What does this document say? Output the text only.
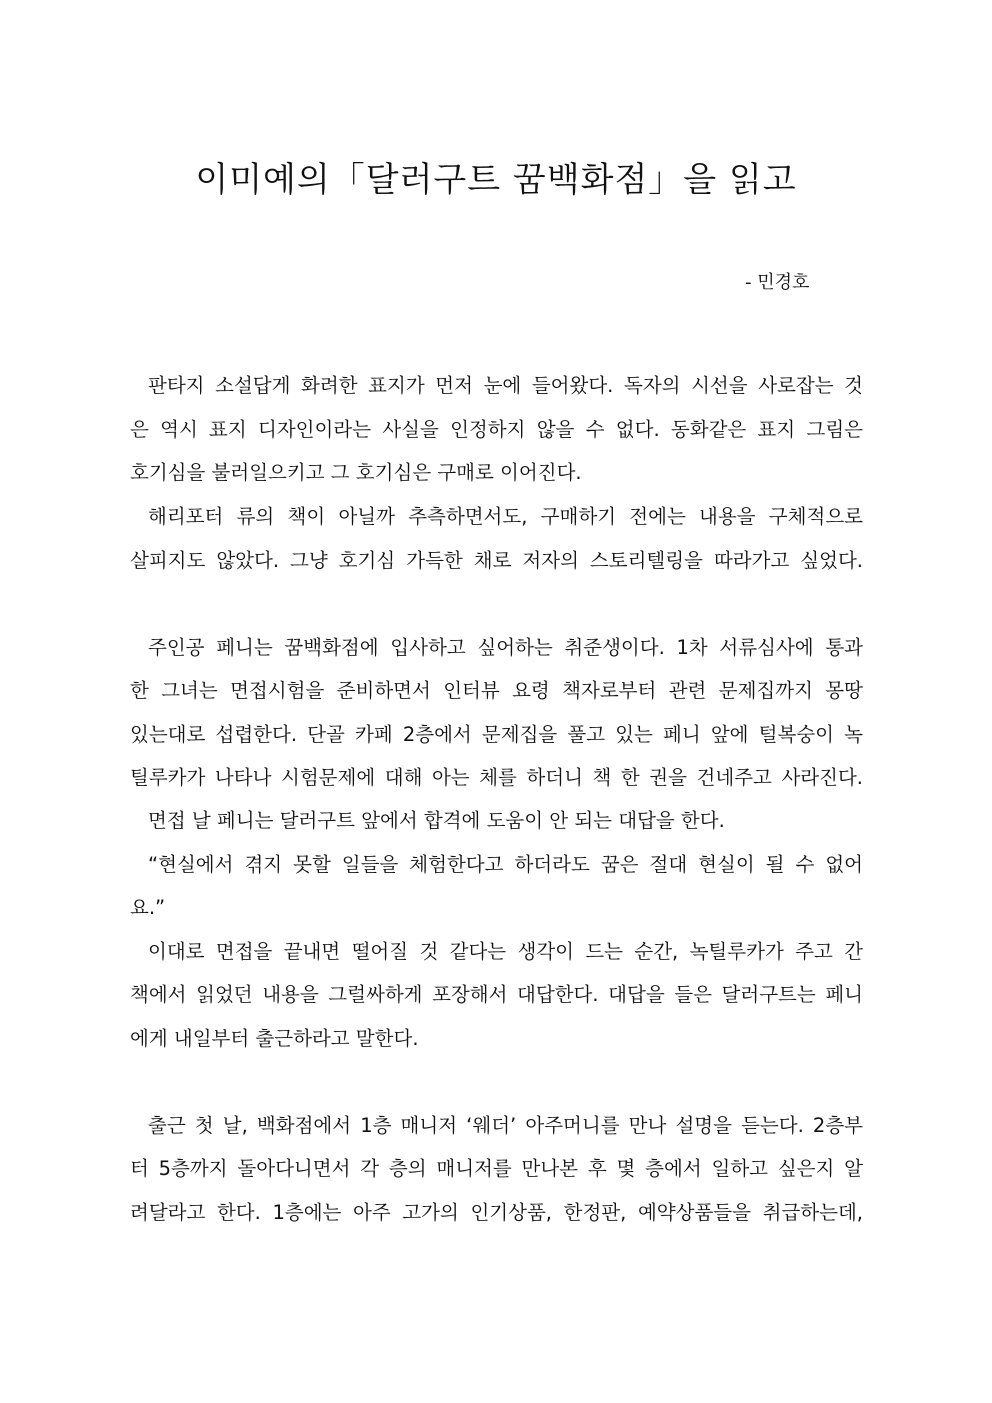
이미예의「달러구트 꿈백화점」을 읽고
- 민경호
판타지 소설답게 화려한 표지가 먼저 눈에 들어왔다. 독자의 시선을 사로잡는 것
은 역시 표지 디자인이라는 사실을 인정하지 않을 수 없다. 동화같은 표지 그림은
호기심을 불러일으키고 그 호기심은 구매로 이어진다.
해리포터 류의 책이 아닐까 추측하면서도, 구매하기 전에는 내용을 구체적으로
살피지도 않았다. 그냥 호기심 가득한 채로 저자의 스토리텔링을 따라가고 싶었다.
주인공 페니는 꿈백화점에 입사하고 싶어하는 취준생이다. 1차 서류심사에 통과
한 그녀는 면접시험을 준비하면서 인터뷰 요령 책자로부터 관련 문제집까지 몽땅
있는대로 섭렵한다. 단골 카페 2층에서 문제집을 풀고 있는 페니 앞에 털복숭이 녹
틸루카가 나타나 시험문제에 대해 아는 체를 하더니 책 한 권을 건네주고 사라진다.
면접 날 페니는 달러구트 앞에서 합격에 도움이 안 되는 대답을 한다.
“현실에서 겪지 못할 일들을 체험한다고 하더라도 꿈은 절대 현실이 될 수 없어
요.”
이대로 면접을 끝내면 떨어질 것 같다는 생각이 드는 순간, 녹틸루카가 주고 간
책에서 읽었던 내용을 그럴싸하게 포장해서 대답한다. 대답을 들은 달러구트는 페니
에게 내일부터 출근하라고 말한다.
출근 첫 날, 백화점에서 1층 매니저 ‘웨더’ 아주머니를 만나 설명을 듣는다. 2층부
터 5층까지 돌아다니면서 각 층의 매니저를 만나본 후 몇 층에서 일하고 싶은지 알
려달라고 한다. 1층에는 아주 고가의 인기상품, 한정판, 예약상품들을 취급하는데,
